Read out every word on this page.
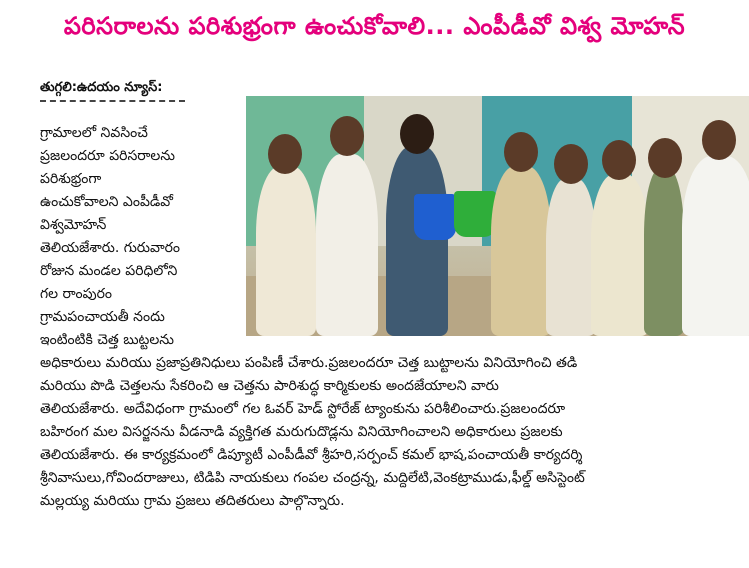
పరిసరాలను పరిశుభ్రంగా ఉంచుకోవాలి... ఎంపీడీవో విశ్వ మోహన్
తుగ్గలి:ఉదయం న్యూస్:
గ్రామాలలో నివసించే
ప్రజలందరూ పరిసరాలను
పరిశుభ్రంగా
ఉంచుకోవాలని ఎంపీడీవో
విశ్వమోహన్
తెలియజేశారు. గురువారం
రోజున మండల పరిధిలోని
గల రాంపురం
గ్రామపంచాయతీ నందు
ఇంటింటికి చెత్త బుట్టలను
అధికారులు మరియు ప్రజాప్రతినిధులు పంపిణీ చేశారు.ప్రజలందరూ చెత్త బుట్టాలను వినియోగించి తడి
మరియు పొడి చెత్తలను సేకరించి ఆ చెత్తను పారిశుద్ధ కార్మికులకు అందజేయాలని వారు
తెలియజేశారు. అదేవిధంగా గ్రామంలో గల ఓవర్ హెడ్ స్టోరేజ్ ట్యాంకును పరిశీలించారు.ప్రజలందరూ
బహిరంగ మల విసర్జనను వీడనాడి వ్యక్తిగత మరుగుదొడ్లను వినియోగించాలని అధికారులు ప్రజలకు
తెలియజేశారు. ఈ కార్యక్రమంలో డిప్యూటీ ఎంపీడీవో శ్రీహరి,సర్పంచ్ కమల్ భాష,పంచాయతీ కార్యదర్శి
శ్రీనివాసులు,గోవిందరాజులు, టిడిపి నాయకులు గంపల చంద్రన్న, మద్దిలేటి,వెంకట్రాముడు,ఫీల్డ్ అసిస్టెంట్
మల్లయ్య మరియు గ్రామ ప్రజలు తదితరులు పాల్గొన్నారు.
